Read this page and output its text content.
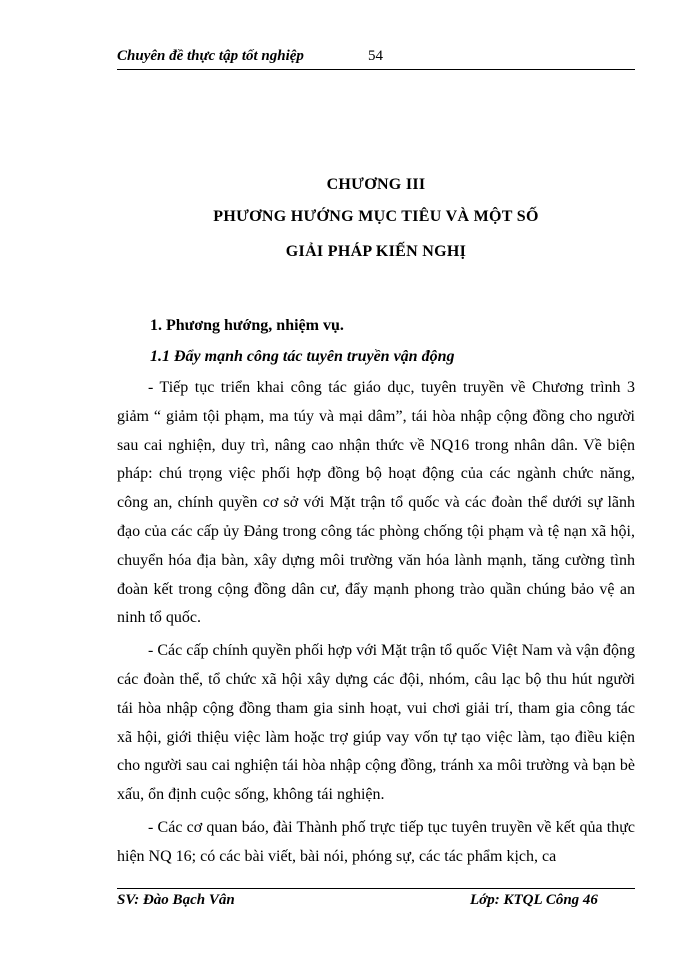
Chuyên đề thực tập tốt nghiệp	54
CHƯƠNG III
PHƯƠNG HƯỚNG MỤC TIÊU VÀ MỘT SỐ
GIẢI PHÁP KIẾN NGHỊ
1. Phương hướng, nhiệm vụ.
1.1 Đẩy mạnh công tác tuyên truyền vận động

- Tiếp tục triển khai công tác giáo dục, tuyên truyền về Chương trình 3 giảm “ giảm tội phạm, ma túy và mại dâm”, tái hòa nhập cộng đồng cho người sau cai nghiện, duy trì, nâng cao nhận thức về NQ16 trong nhân dân. Về biện pháp: chú trọng việc phối hợp đồng bộ hoạt động của các ngành chức năng, công an, chính quyền cơ sở với Mặt trận tổ quốc và các đoàn thể dưới sự lãnh đạo của các cấp ủy Đảng trong công tác phòng chống tội phạm và tệ nạn xã hội, chuyển hóa địa bàn, xây dựng môi trường văn hóa lành mạnh, tăng cường tình đoàn kết trong cộng đồng dân cư, đẩy mạnh phong trào quần chúng bảo vệ an ninh tổ quốc.

- Các cấp chính quyền phối hợp với Mặt trận tổ quốc Việt Nam và vận động các đoàn thể, tổ chức xã hội xây dựng các đội, nhóm, câu lạc bộ thu hút người tái hòa nhập cộng đồng tham gia sinh hoạt, vui chơi giải trí, tham gia công tác xã hội, giới thiệu việc làm hoặc trợ giúp vay vốn tự tạo việc làm, tạo điều kiện cho người sau cai nghiện tái hòa nhập cộng đồng, tránh xa môi trường và bạn bè xấu, ổn định cuộc sống, không tái nghiện.

- Các cơ quan báo, đài Thành phố trực tiếp tục tuyên truyền về kết qủa thực hiện NQ 16; có các bài viết, bài nói, phóng sự, các tác phẩm kịch, ca

SV: Đào Bạch Vân	Lớp: KTQL Công 46
